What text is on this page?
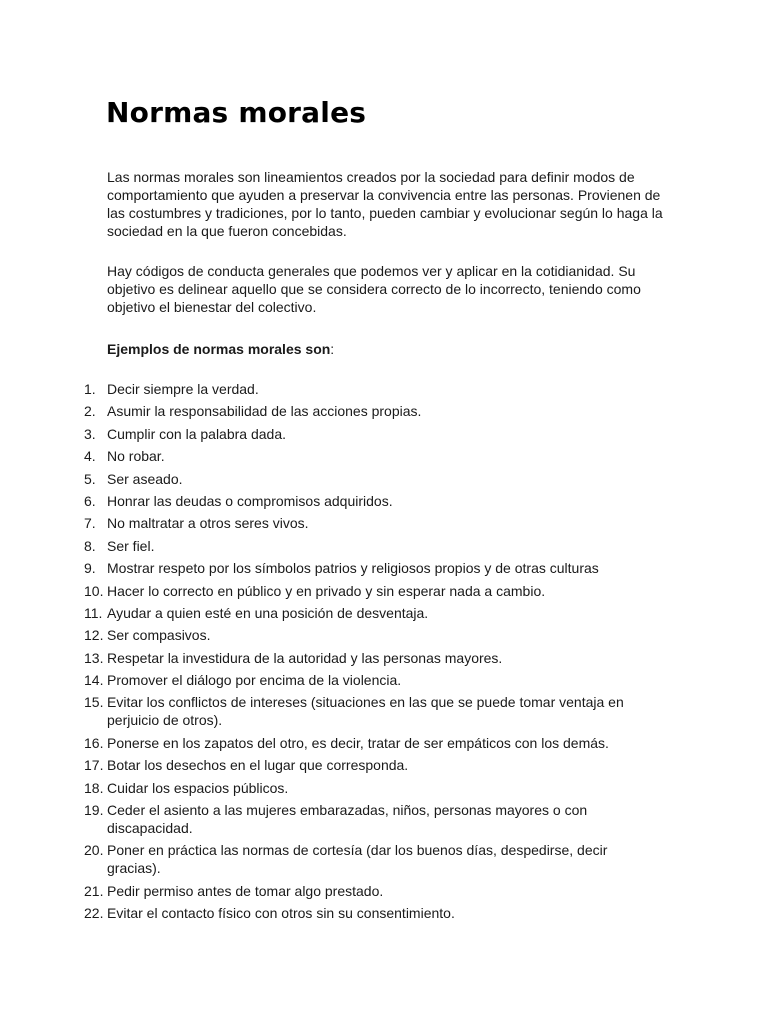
Normas morales

Las normas morales son lineamientos creados por la sociedad para definir modos de comportamiento que ayuden a preservar la convivencia entre las personas. Provienen de las costumbres y tradiciones, por lo tanto, pueden cambiar y evolucionar según lo haga la sociedad en la que fueron concebidas.

Hay códigos de conducta generales que podemos ver y aplicar en la cotidianidad. Su objetivo es delinear aquello que se considera correcto de lo incorrecto, teniendo como objetivo el bienestar del colectivo.

Ejemplos de normas morales son:

1. Decir siempre la verdad.
2. Asumir la responsabilidad de las acciones propias.
3. Cumplir con la palabra dada.
4. No robar.
5. Ser aseado.
6. Honrar las deudas o compromisos adquiridos.
7. No maltratar a otros seres vivos.
8. Ser fiel.
9. Mostrar respeto por los símbolos patrios y religiosos propios y de otras culturas
10. Hacer lo correcto en público y en privado y sin esperar nada a cambio.
11. Ayudar a quien esté en una posición de desventaja.
12. Ser compasivos.
13. Respetar la investidura de la autoridad y las personas mayores.
14. Promover el diálogo por encima de la violencia.
15. Evitar los conflictos de intereses (situaciones en las que se puede tomar ventaja en perjuicio de otros).
16. Ponerse en los zapatos del otro, es decir, tratar de ser empáticos con los demás.
17. Botar los desechos en el lugar que corresponda.
18. Cuidar los espacios públicos.
19. Ceder el asiento a las mujeres embarazadas, niños, personas mayores o con discapacidad.
20. Poner en práctica las normas de cortesía (dar los buenos días, despedirse, decir gracias).
21. Pedir permiso antes de tomar algo prestado.
22. Evitar el contacto físico con otros sin su consentimiento.
